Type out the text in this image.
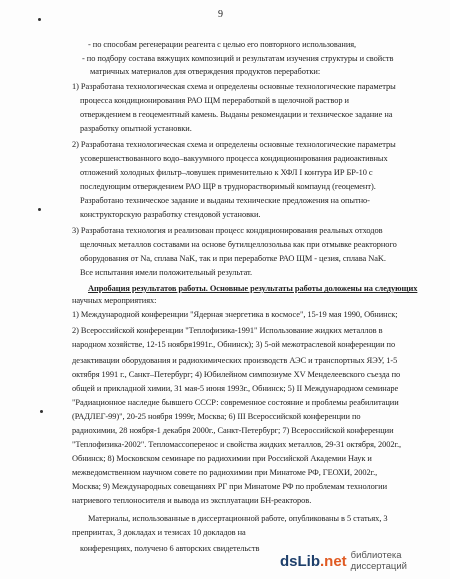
9
- по способам регенерации реагента с целью его повторного использования,
- по подбору состава вяжущих композиций и результатам изучения структуры и свойств
матричных материалов для отверждения продуктов переработки:
1) Разработана технологическая схема и определены основные технологические параметры
процесса кондиционирования РАО ЩМ переработкой в щелочной раствор и
отверждением в геоцементный камень. Выданы рекомендации и техническое задание на
разработку опытной установки.
2) Разработана технологическая схема и определены основные технологические параметры
усовершенствованного водо–вакуумного процесса кондиционирования радиоактивных
отложений холодных фильтр–ловушек применительно к ХФЛ I контура ИР БР-10 с
последующим отверждением РАО ЩР в труднорастворимый компаунд (геоцемент).
Разработано техническое задание и выданы технические предложения на опытно-
конструкторскую разработку стендовой установки.
3) Разработана технология и реализован процесс кондиционирования реальных отходов
щелочных металлов составами на основе бутилцеллозольва как при отмывке реакторного
оборудования от Na, сплава NaK, так и при переработке РАО ЩМ - цезия, сплава NaK.
Все испытания имели положительный результат.
Апробация результатов работы. Основные результаты работы доложены на следующих
научных мероприятиях:
1) Международной конференции "Ядерная энергетика в космосе", 15-19 мая 1990, Обнинск;
2) Всероссийской конференции "Теплофизика-1991" Использование жидких металлов в
народном хозяйстве, 12-15 ноября1991г., Обнинск); 3) 5-ой межотраслевой конференции по
дезактивации оборудования и радиохимических производств АЭС и транспортных ЯЭУ, 1-5
октября 1991 г., Санкт–Петербург; 4) Юбилейном симпозиуме XV Менделеевского съезда по
общей и прикладной химии, 31 мая-5 июня 1993г., Обнинск; 5) II Международном семинаре
"Радиационное наследие бывшего СССР: современное состояние и проблемы реабилитации
(РАДЛЕГ-99)", 20-25 ноября 1999г, Москва; 6) III Всероссийской конференции по
радиохимии, 28 ноября-1 декабря 2000г., Санкт-Петербург; 7) Всероссийской конференции
"Теплофизика-2002". Тепломассоперенос и свойства жидких металлов, 29-31 октября, 2002г.,
Обнинск; 8) Московском семинаре по радиохимии при Российской Академии Наук и
межведомственном научном совете по радиохимии при Минатоме РФ, ГЕОХИ, 2002г.,
Москва; 9) Международных совещаниях РГ при Минатоме РФ по проблемам технологии
натриевого теплоносителя и вывода из эксплуатации БН-реакторов.
Материалы, использованные в диссертационной работе, опубликованы в 5 статьях, 3
препринтах, 3 докладах и тезисах 10 докладов на
конференциях, получено 6 авторских свидетельств
dsLib.net библиотека диссертаций
